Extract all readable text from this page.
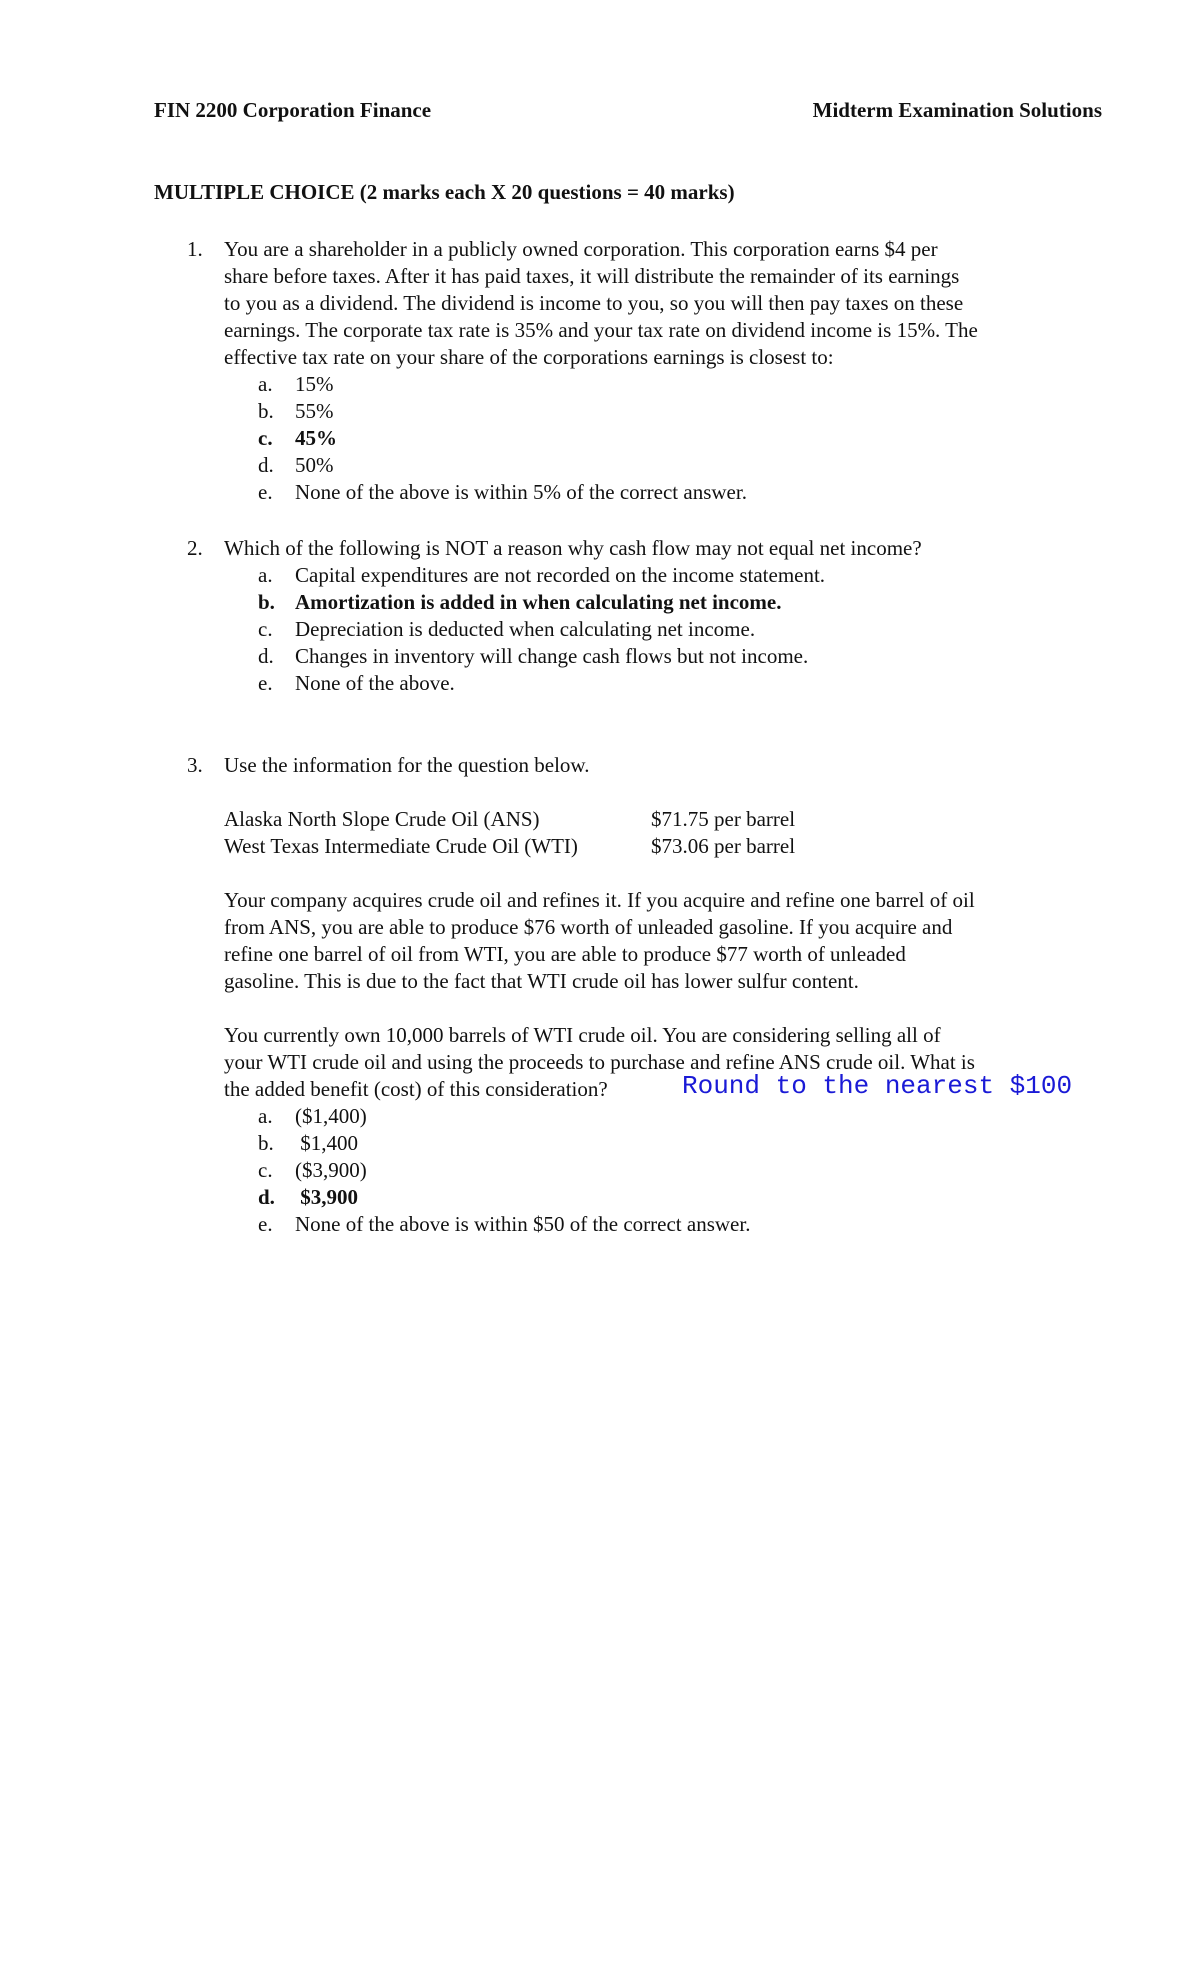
FIN 2200 Corporation Finance	Midterm Examination Solutions
MULTIPLE CHOICE (2 marks each X 20 questions = 40 marks)
1. You are a shareholder in a publicly owned corporation. This corporation earns $4 per
share before taxes. After it has paid taxes, it will distribute the remainder of its earnings
to you as a dividend. The dividend is income to you, so you will then pay taxes on these
earnings. The corporate tax rate is 35% and your tax rate on dividend income is 15%. The
effective tax rate on your share of the corporations earnings is closest to:
a.	15%
b.	55%
c.	45%
d.	50%
e.	None of the above is within 5% of the correct answer.
2. Which of the following is NOT a reason why cash flow may not equal net income?
a.	Capital expenditures are not recorded on the income statement.
b. Amortization is added in when calculating net income.
c.	Depreciation is deducted when calculating net income.
d.	Changes in inventory will change cash flows but not income.
e.	None of the above.
3. Use the information for the question below.
Alaska North Slope Crude Oil (ANS)	$71.75 per barrel
West Texas Intermediate Crude Oil (WTI)	$73.06 per barrel
Your company acquires crude oil and refines it. If you acquire and refine one barrel of oil
from ANS, you are able to produce $76 worth of unleaded gasoline. If you acquire and
refine one barrel of oil from WTI, you are able to produce $77 worth of unleaded
gasoline. This is due to the fact that WTI crude oil has lower sulfur content.
You currently own 10,000 barrels of WTI crude oil. You are considering selling all of
your WTI crude oil and using the proceeds to purchase and refine ANS crude oil. What is
the added benefit (cost) of this consideration?
a.	($1,400)
b.	$1,400
c.	($3,900)
d. $3,900
e.	None of the above is within $50 of the correct answer.
Round to the nearest $100
